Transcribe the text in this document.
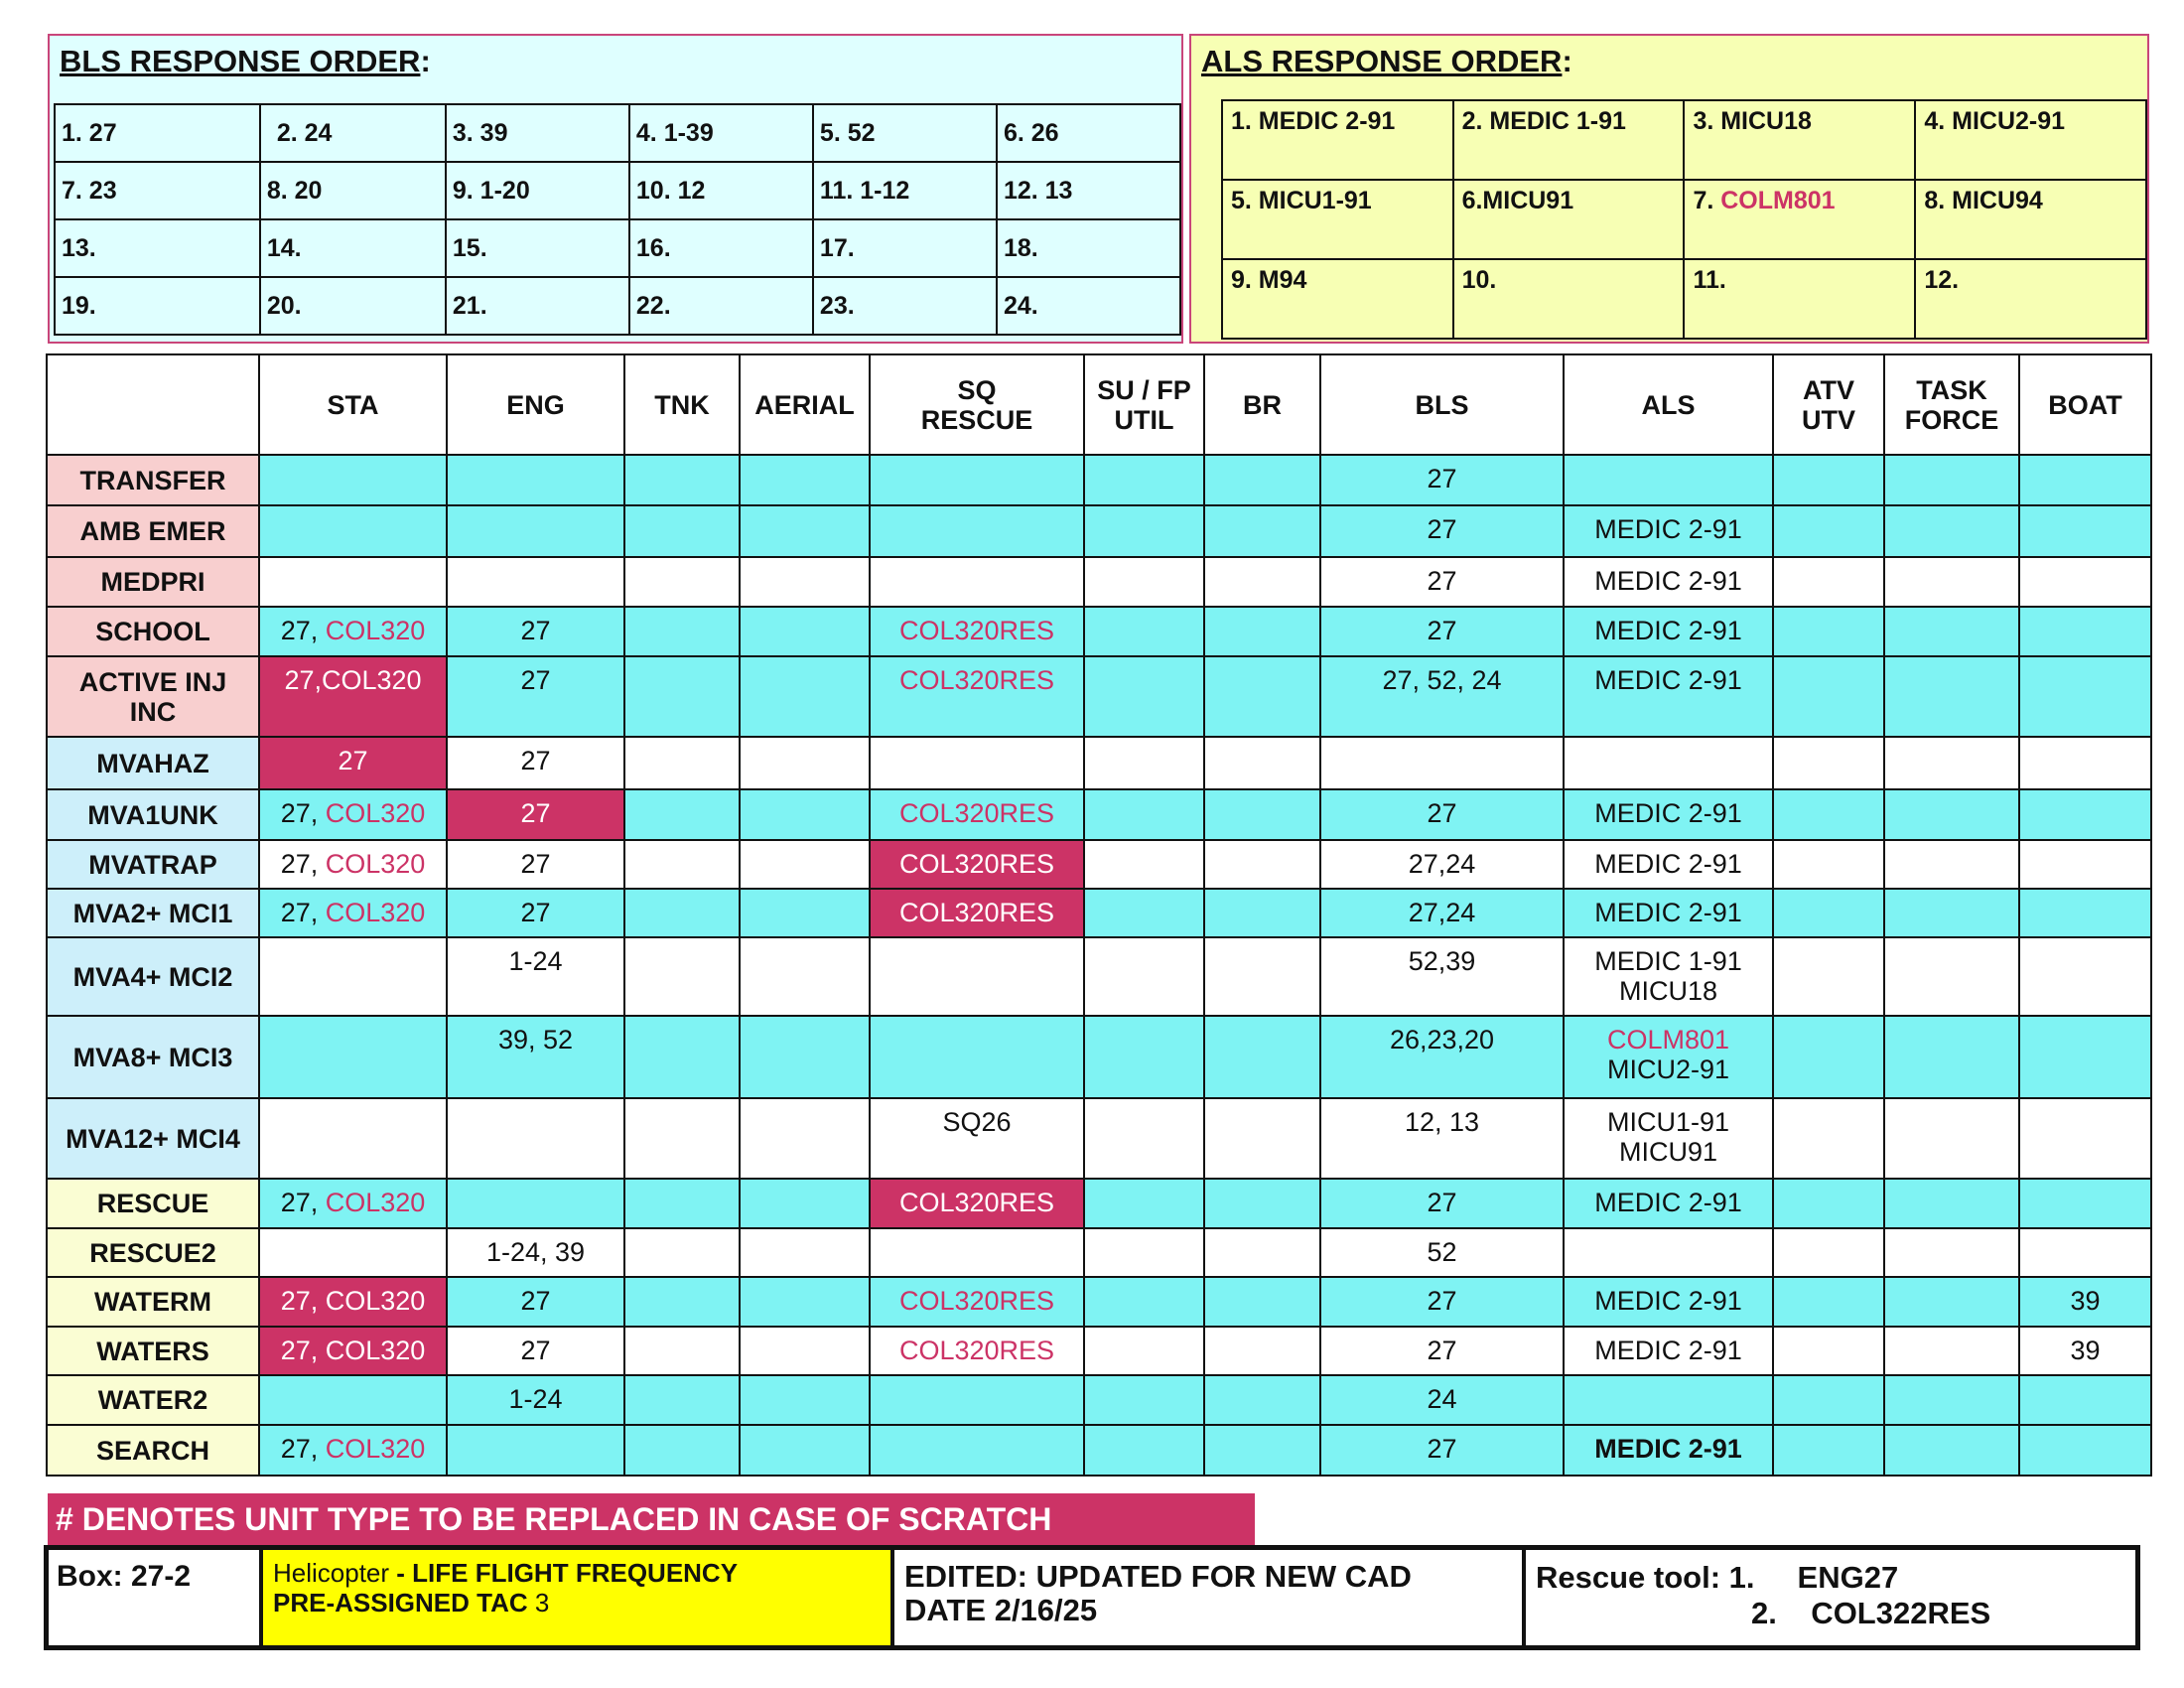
BLS RESPONSE ORDER:
1. 27	2. 24	3. 39	4. 1-39	5. 52	6. 26
7. 23	8. 20	9. 1-20	10. 12	11. 1-12	12. 13
13.	14.	15.	16.	17.	18.
19.	20.	21.	22.	23.	24.
ALS RESPONSE ORDER:
1. MEDIC 2-91	2. MEDIC 1-91	3. MICU18	4. MICU2-91
5. MICU1-91	6.MICU91	7. COLM801	8. MICU94
9. M94	10.	11.	12.
	STA	ENG	TNK	AERIAL	SQ
RESCUE	SU / FP
UTIL	BR	BLS	ALS	ATV
UTV	TASK
FORCE	BOAT
TRANSFER								27				
AMB EMER								27	MEDIC 2-91			
MEDPRI								27	MEDIC 2-91			
SCHOOL	27, COL320	27			COL320RES			27	MEDIC 2-91			
ACTIVE INJ
INC	27,COL320	27			COL320RES			27, 52, 24	MEDIC 2-91			
MVAHAZ	27	27										
MVA1UNK	27, COL320	27			COL320RES			27	MEDIC 2-91			
MVATRAP	27, COL320	27			COL320RES			27,24	MEDIC 2-91			
MVA2+ MCI1	27, COL320	27			COL320RES			27,24	MEDIC 2-91			
MVA4+ MCI2		1-24						52,39	MEDIC 1-91
MICU18			
MVA8+ MCI3		39, 52						26,23,20	COLM801
MICU2-91			
MVA12+ MCI4					SQ26			12, 13	MICU1-91
MICU91			
RESCUE	27, COL320				COL320RES			27	MEDIC 2-91			
RESCUE2		1-24, 39						52				
WATERM	27, COL320	27			COL320RES			27	MEDIC 2-91			39
WATERS	27, COL320	27			COL320RES			27	MEDIC 2-91			39
WATER2		1-24						24				
SEARCH	27, COL320							27	MEDIC 2-91			
# DENOTES UNIT TYPE TO BE REPLACED IN CASE OF SCRATCH
Box: 27-2	Helicopter - LIFE FLIGHT FREQUENCY
PRE-ASSIGNED TAC 3
EDITED: UPDATED FOR NEW CAD
DATE 2/16/25
Rescue tool: 1.     ENG27
2.    COL322RES
